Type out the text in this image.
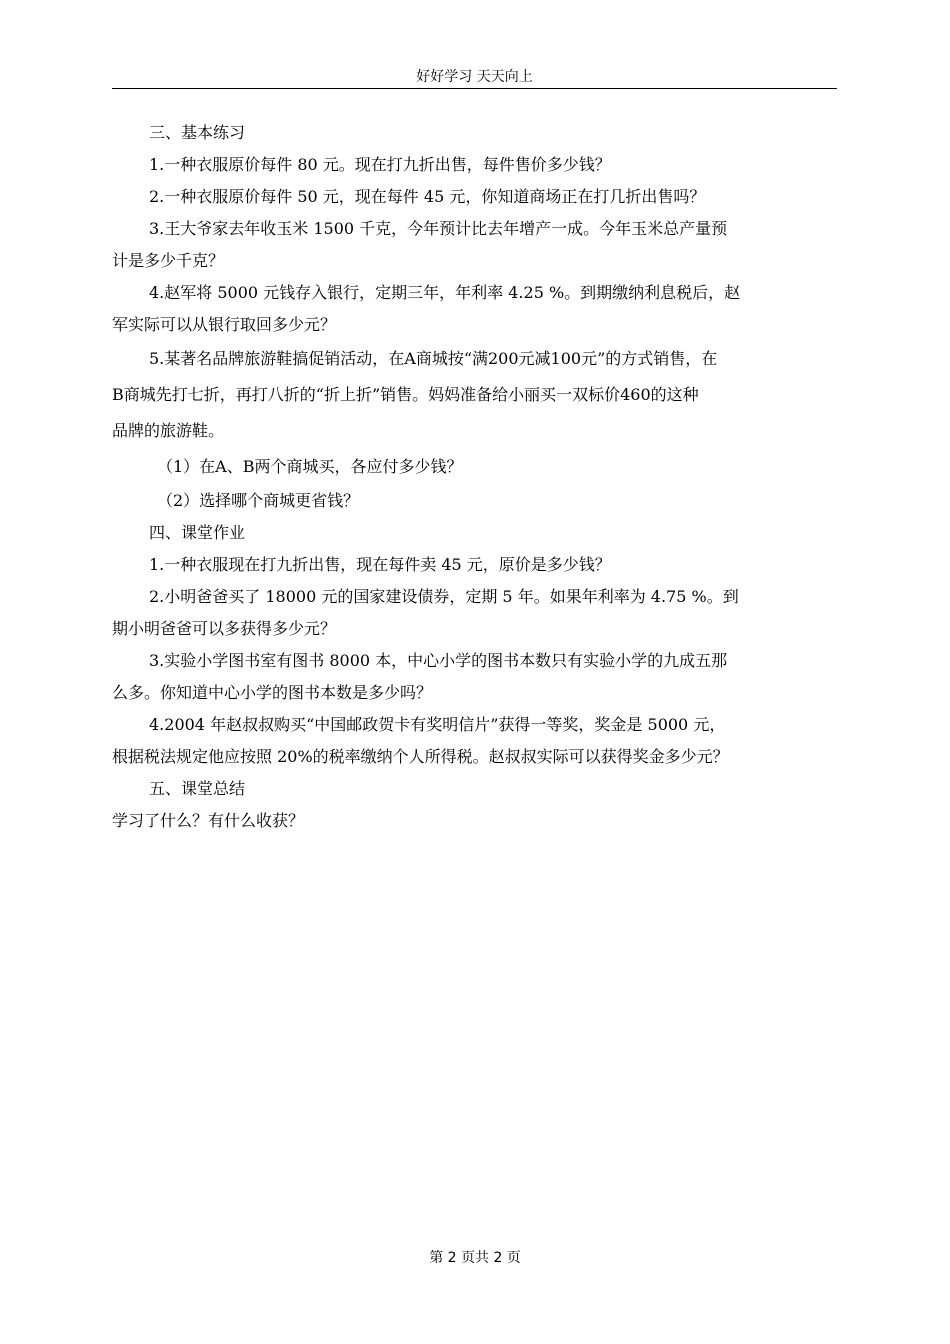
好好学习 天天向上
三、基本练习
1.一种衣服原价每件 80 元。现在打九折出售，每件售价多少钱？
2.一种衣服原价每件 50 元，现在每件 45 元，你知道商场正在打几折出售吗？
3.王大爷家去年收玉米 1500 千克，今年预计比去年增产一成。今年玉米总产量预
计是多少千克？
4.赵军将 5000 元钱存入银行，定期三年，年利率 4.25 %。到期缴纳利息税后，赵
军实际可以从银行取回多少元？
5.某著名品牌旅游鞋搞促销活动，在A商城按“满200元减100元”的方式销售，在
B商城先打七折，再打八折的“折上折”销售。妈妈准备给小丽买一双标价460的这种
品牌的旅游鞋。
（1）在A、B两个商城买，各应付多少钱？
（2）选择哪个商城更省钱？
四、课堂作业
1.一种衣服现在打九折出售，现在每件卖 45 元，原价是多少钱？
2.小明爸爸买了 18000 元的国家建设债券，定期 5 年。如果年利率为 4.75 %。到
期小明爸爸可以多获得多少元？
3.实验小学图书室有图书 8000 本，中心小学的图书本数只有实验小学的九成五那
么多。你知道中心小学的图书本数是多少吗？
4.2004 年赵叔叔购买“中国邮政贺卡有奖明信片”获得一等奖，奖金是 5000 元，
根据税法规定他应按照 20%的税率缴纳个人所得税。赵叔叔实际可以获得奖金多少元？
五、课堂总结
学习了什么？有什么收获？
第 2 页共 2 页
